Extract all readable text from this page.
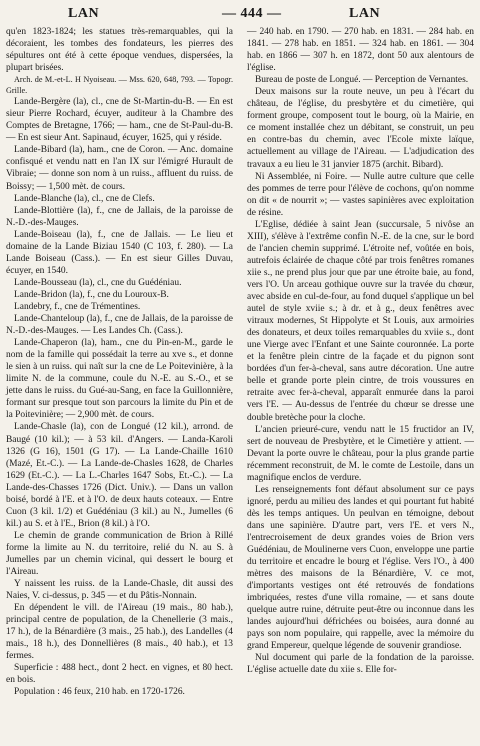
LAN	— 444 —	LAN

qu'en 1823-1824; les statues très-remarquables, qui la décoraient, les tombes des fondateurs, les pierres des sépultures ont été à cette époque vendues, dispersées, la plupart brisées.

Arch. de M.-et-L. H Nyoiseau. — Mss. 620, 648, 793. — Topogr. Grille.

Lande-Bergère (la), cl., cne de St-Martin-du-B. — En est sieur Pierre Rochard, écuyer, auditeur à la Chambre des Comptes de Bretagne, 1766; — ham., cne de St-Paul-du-B. — En est sieur Ant. Sapinaud, écuyer, 1625, qui y réside.

Lande-Bibard (la), ham., cne de Coron. — Anc. domaine confisqué et vendu natt en l'an IX sur l'émigré Hurault de Vibraie; — donne son nom à un ruiss., affluent du ruiss. de Boissy; — 1,500 mèt. de cours.

Lande-Blanche (la), cl., cne de Clefs.

Lande-Blottière (la), f., cne de Jallais, de la paroisse de N.-D.-des-Mauges.

Lande-Boiseau (la), f., cne de Jallais. — Le lieu et domaine de la Lande Biziau 1540 (C 103, f. 280). — La Lande Boiseau (Cass.). — En est sieur Gilles Duvau, écuyer, en 1540.

Lande-Bousseau (la), cl., cne du Guédéniau.

Lande-Bridon (la), f., cne du Louroux-B.

Landebry, f., cne de Trémentines.

Lande-Chanteloup (la), f., cne de Jallais, de la paroisse de N.-D.-des-Mauges. — Les Landes Ch. (Cass.).

Lande-Chaperon (la), ham., cne du Pin-en-M., garde le nom de la famille qui possédait la terre au xve s., et donne le sien à un ruiss. qui naît sur la cne de Le Poitevinière, à la limite N. de la commune, coule du N.-E. au S.-O., et se jette dans le ruiss. du Gué-au-Sang, en face la Guillonnière, formant sur presque tout son parcours la limite du Pin et de la Poitevinière; — 2,900 mèt. de cours.

Lande-Chasle (la), con de Longué (12 kil.), arrond. de Baugé (10 kil.); — à 53 kil. d'Angers. — Landa-Karoli 1326 (G 16), 1501 (G 17). — La Lande-Chaille 1610 (Mazé, Et.-C.). — La Lande-de-Chasles 1628, de Charles 1629 (Et.-C.). — La L.-Charles 1647 Sobs, Et.-C.). — La Lande-des-Chasses 1726 (Dict. Univ.). — Dans un vallon boisé, bordé à l'E. et à l'O. de deux hauts coteaux. — Entre Cuon (3 kil. 1/2) et Guédéniau (3 kil.) au N., Jumelles (6 kil.) au S. et à l'E., Brion (8 kil.) à l'O.

Le chemin de grande communication de Brion à Rillé forme la limite au N. du territoire, relié du N. au S. à Jumelles par un chemin vicinal, qui dessert le bourg et l'Aireau.

Y naissent les ruiss. de la Lande-Chasle, dit aussi des Naies, V. ci-dessus, p. 345 — et du Pâtis-Nonnain.

En dépendent le vill. de l'Aireau (19 mais., 80 hab.), principal centre de population, de la Chenellerie (3 mais., 17 h.), de la Bénardière (3 mais., 25 hab.), des Landelles (4 mais., 18 h.), des Donnellières (8 mais., 40 hab.), et 13 fermes.

Superficie : 488 hect., dont 2 hect. en vignes, et 80 hect. en bois.

Population : 46 feux, 210 hab. en 1720-1726.

— 240 hab. en 1790. — 270 hab. en 1831. — 284 hab. en 1841. — 278 hab. en 1851. — 324 hab. en 1861. — 304 hab. en 1866 — 307 h. en 1872, dont 50 aux alentours de l'église.

Bureau de poste de Longué. — Perception de Vernantes.

Deux maisons sur la route neuve, un peu à l'écart du château, de l'église, du presbytère et du cimetière, qui forment groupe, composent tout le bourg, où la Mairie, en ce moment installée chez un débitant, se construit, un peu en contre-bas du chemin, avec l'Ecole mixte laïque, actuellement au village de l'Aireau. — L'adjudication des travaux a eu lieu le 31 janvier 1875 (archit. Bibard).

Ni Assemblée, ni Foire. — Nulle autre culture que celle des pommes de terre pour l'élève de cochons, qu'on nomme on dit « de nourrit »; — vastes sapinières avec exploitation de résine.

L'Eglise, dédiée à saint Jean (succursale, 5 nivôse an XIII), s'élève à l'extrême confin N.-E. de la cne, sur le bord de l'ancien chemin supprimé. L'étroite nef, voûtée en bois, autrefois éclairée de chaque côté par trois fenêtres romanes xiie s., ne prend plus jour que par une étroite baie, au fond, vers l'O. Un arceau gothique ouvre sur la travée du chœur, avec abside en cul-de-four, au fond duquel s'applique un bel autel de style xviie s.; à dr. et à g., deux fenêtres avec vitraux modernes, St Hippolyte et St Louis, aux armoiries des donateurs, et deux toiles remarquables du xviie s., dont une Vierge avec l'Enfant et une Sainte couronnée. La porte et la fenêtre plein cintre de la façade et du pignon sont bordées d'un fer-à-cheval, sans autre décoration. Une autre belle et grande porte plein cintre, de trois voussures en retraite avec fer-à-cheval, apparaît enmurée dans la paroi vers l'E. — Au-dessus de l'entrée du chœur se dresse une double bretèche pour la cloche.

L'ancien prieuré-cure, vendu natt le 15 fructidor an IV, sert de nouveau de Presbytère, et le Cimetière y attient. — Devant la porte ouvre le château, pour la plus grande partie récemment reconstruit, de M. le comte de Lestoile, dans un magnifique enclos de verdure.

Les renseignements font défaut absolument sur ce pays ignoré, perdu au milieu des landes et qui pourtant fut habité dès les temps antiques. Un peulvan en témoigne, debout dans une sapinière. D'autre part, vers l'E. et vers N., l'entrecroisement de deux grandes voies de Brion vers Guédéniau, de Moulinerne vers Cuon, enveloppe une partie du territoire et encadre le bourg et l'église. Vers l'O., à 400 mètres des maisons de la Bénardière, V. ce mot, d'importants vestiges ont été retrouvés de fondations imbriquées, restes d'une villa romaine, — et sans doute quelque autre ruine, détruite peut-être ou inconnue dans les landes aujourd'hui défrichées ou boisées, aura donné au pays son nom populaire, qui rappelle, avec la mémoire du grand Empereur, quelque légende de souvenir grandiose.

Nul document qui parle de la fondation de la paroisse. L'église actuelle date du xiie s. Elle for-
